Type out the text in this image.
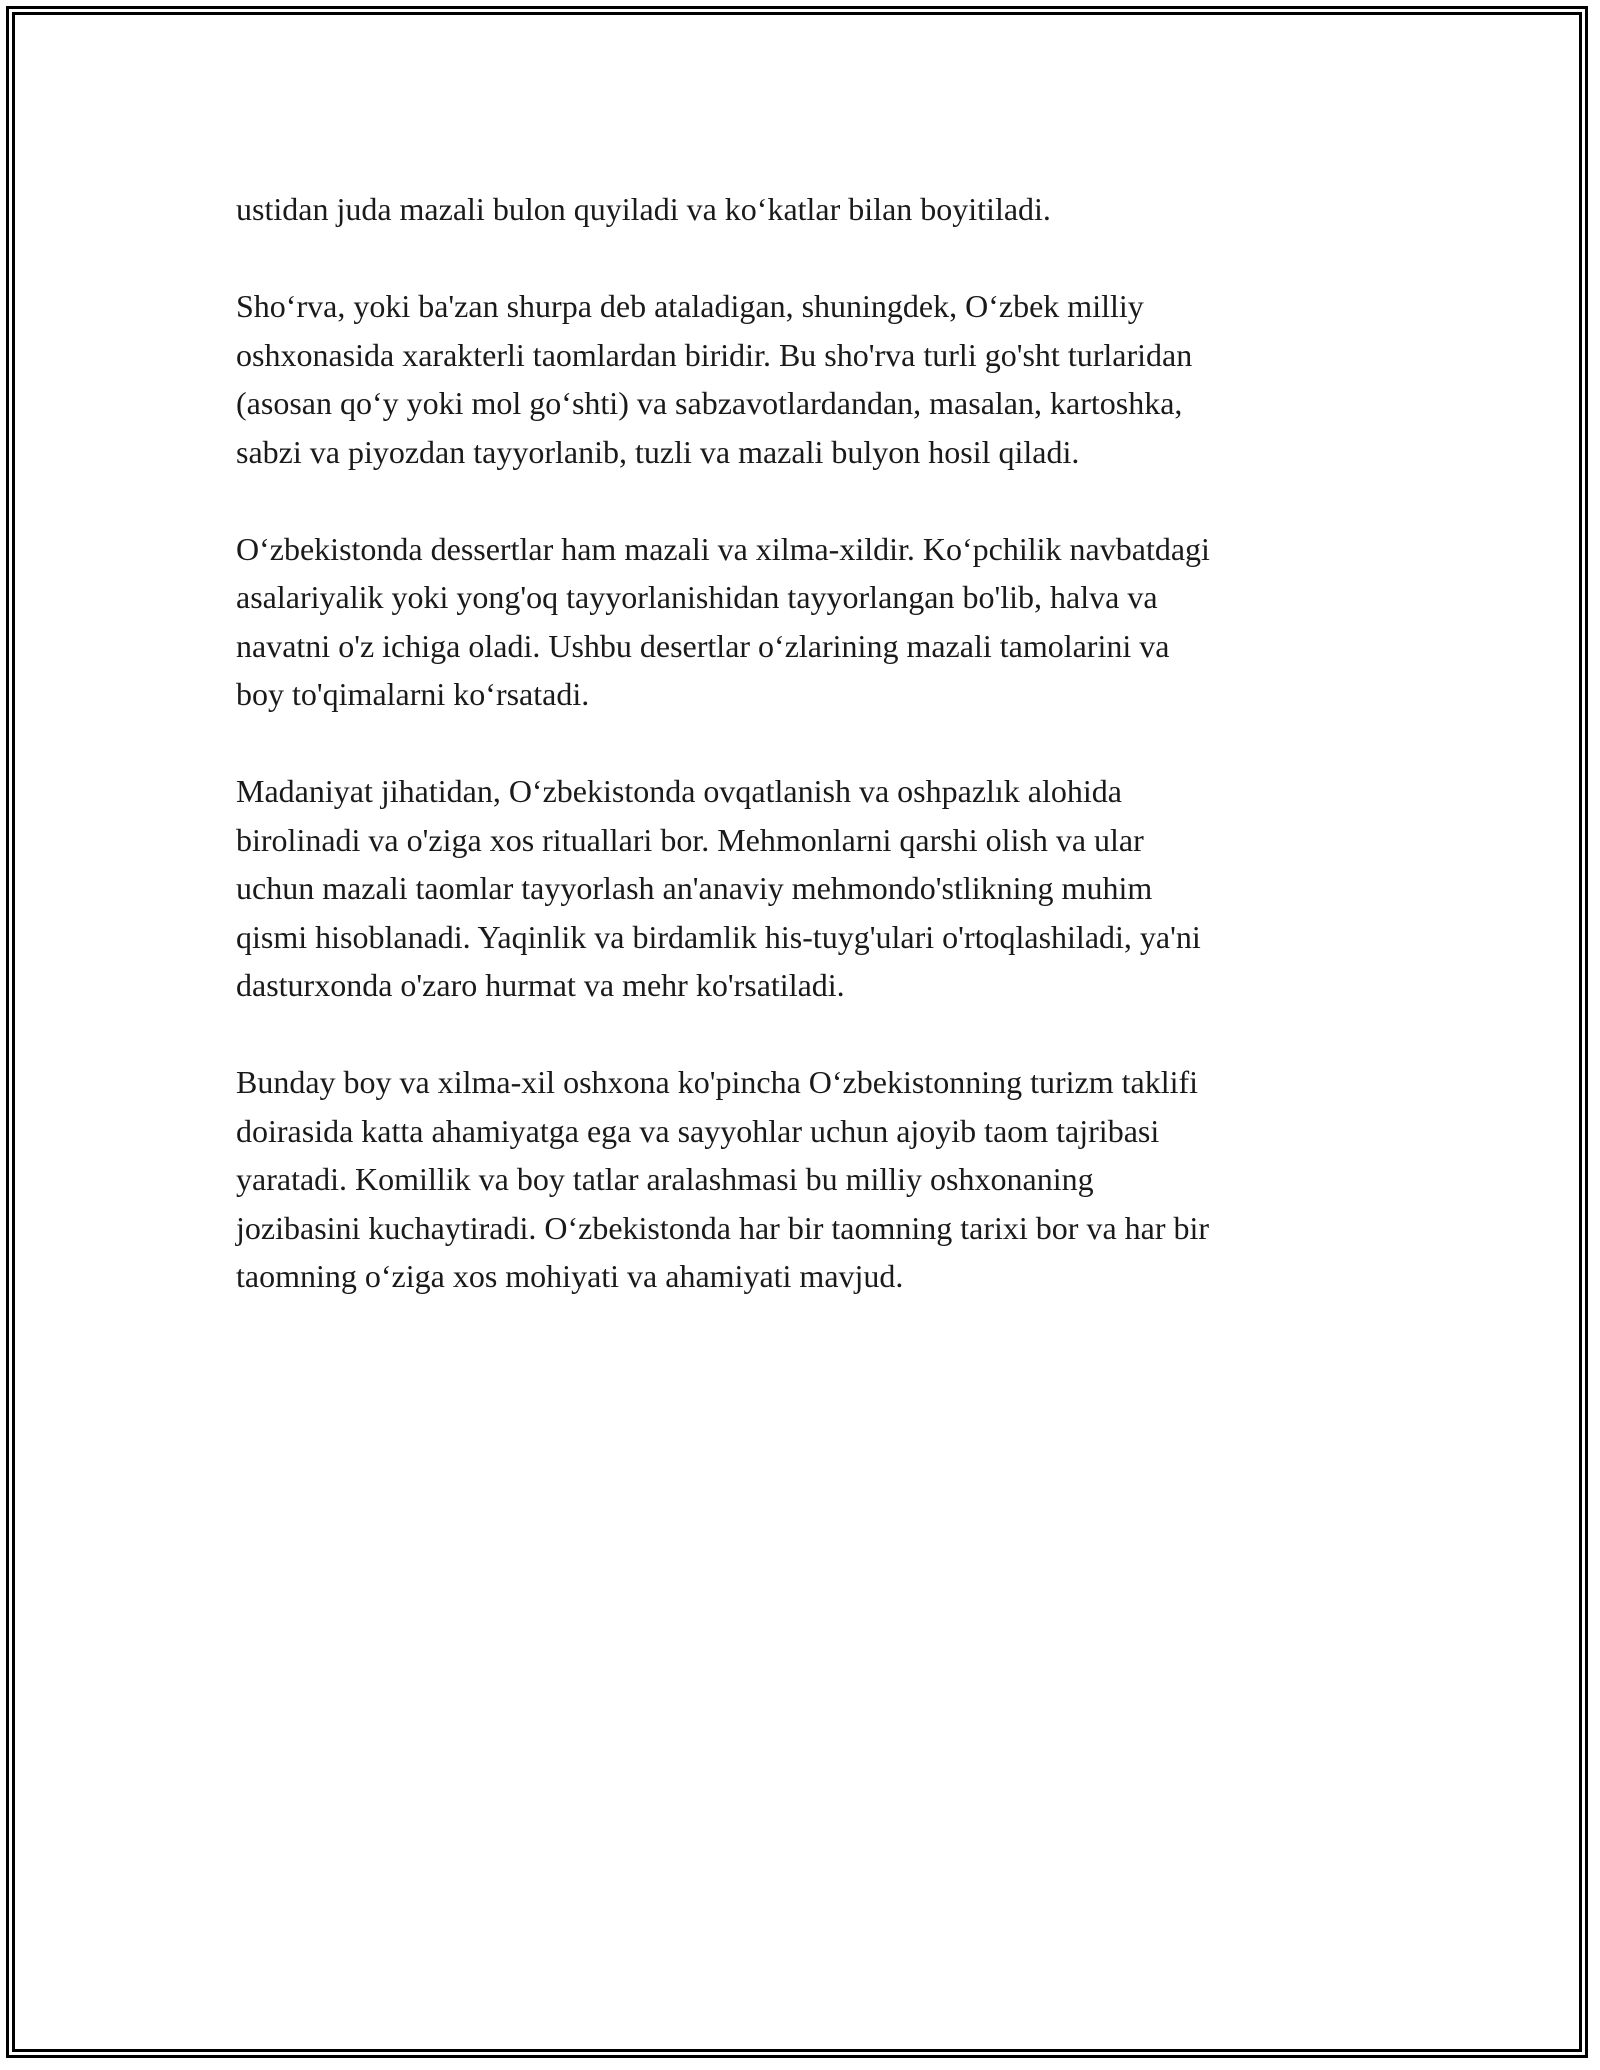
ustidan juda mazali bulon quyiladi va ko‘katlar bilan boyitiladi.

Sho‘rva, yoki ba'zan shurpa deb ataladigan, shuningdek, O‘zbek milliy
oshxonasida xarakterli taomlardan biridir. Bu sho'rva turli go'sht turlaridan
(asosan qo‘y yoki mol go‘shti) va sabzavotlardandan, masalan, kartoshka,
sabzi va piyozdan tayyorlanib, tuzli va mazali bulyon hosil qiladi.

O‘zbekistonda dessertlar ham mazali va xilma-xildir. Ko‘pchilik navbatdagi
asalariyalik yoki yong'oq tayyorlanishidan tayyorlangan bo'lib, halva va
navatni o'z ichiga oladi. Ushbu desertlar o‘zlarining mazali tamolarini va
boy to'qimalarni ko‘rsatadi.

Madaniyat jihatidan, O‘zbekistonda ovqatlanish va oshpazlık alohida
birolinadi va o'ziga xos rituallari bor. Mehmonlarni qarshi olish va ular
uchun mazali taomlar tayyorlash an'anaviy mehmondo'stlikning muhim
qismi hisoblanadi. Yaqinlik va birdamlik his-tuyg'ulari o'rtoqlashiladi, ya'ni
dasturxonda o'zaro hurmat va mehr ko'rsatiladi.

Bunday boy va xilma-xil oshxona ko'pincha O‘zbekistonning turizm taklifi
doirasida katta ahamiyatga ega va sayyohlar uchun ajoyib taom tajribasi
yaratadi. Komillik va boy tatlar aralashmasi bu milliy oshxonaning
jozibasini kuchaytiradi. O‘zbekistonda har bir taomning tarixi bor va har bir
taomning o‘ziga xos mohiyati va ahamiyati mavjud.
